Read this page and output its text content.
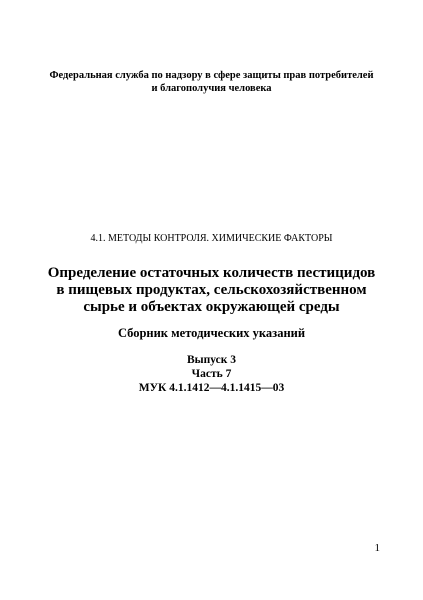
Федеральная служба по надзору в сфере защиты прав потребителей
и благополучия человека
4.1. МЕТОДЫ КОНТРОЛЯ. ХИМИЧЕСКИЕ ФАКТОРЫ
Определение остаточных количеств пестицидов
в пищевых продуктах, сельскохозяйственном
сырье и объектах окружающей среды
Сборник методических указаний
Выпуск 3
Часть 7
МУК 4.1.1412—4.1.1415—03
1
